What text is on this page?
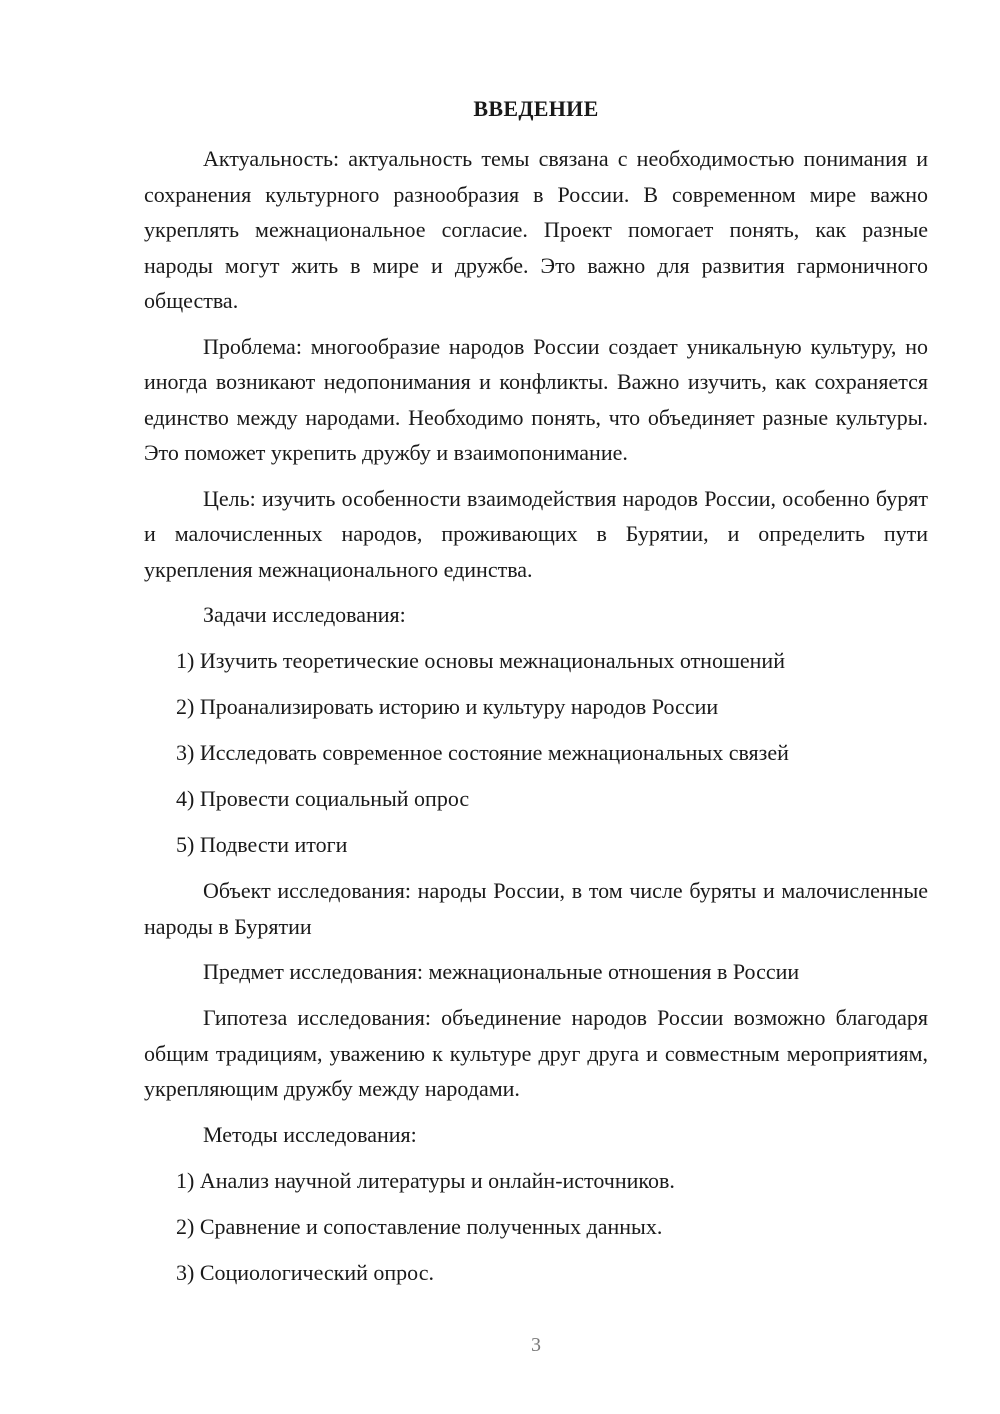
ВВЕДЕНИЕ

Актуальность: актуальность темы связана с необходимостью понимания и сохранения культурного разнообразия в России. В современном мире важно укреплять межнациональное согласие. Проект помогает понять, как разные народы могут жить в мире и дружбе. Это важно для развития гармоничного общества.

Проблема: многообразие народов России создает уникальную культуру, но иногда возникают недопонимания и конфликты. Важно изучить, как сохраняется единство между народами. Необходимо понять, что объединяет разные культуры. Это поможет укрепить дружбу и взаимопонимание.

Цель: изучить особенности взаимодействия народов России, особенно бурят и малочисленных народов, проживающих в Бурятии, и определить пути укрепления межнационального единства.

Задачи исследования:

1) Изучить теоретические основы межнациональных отношений

2) Проанализировать историю и культуру народов России

3) Исследовать современное состояние межнациональных связей

4) Провести социальный опрос

5) Подвести итоги

Объект исследования: народы России, в том числе буряты и малочисленные народы в Бурятии

Предмет исследования: межнациональные отношения в России

Гипотеза исследования: объединение народов России возможно благодаря общим традициям, уважению к культуре друг друга и совместным мероприятиям, укрепляющим дружбу между народами.

Методы исследования:

1) Анализ научной литературы и онлайн-источников.

2) Сравнение и сопоставление полученных данных.

3) Социологический опрос.

3
